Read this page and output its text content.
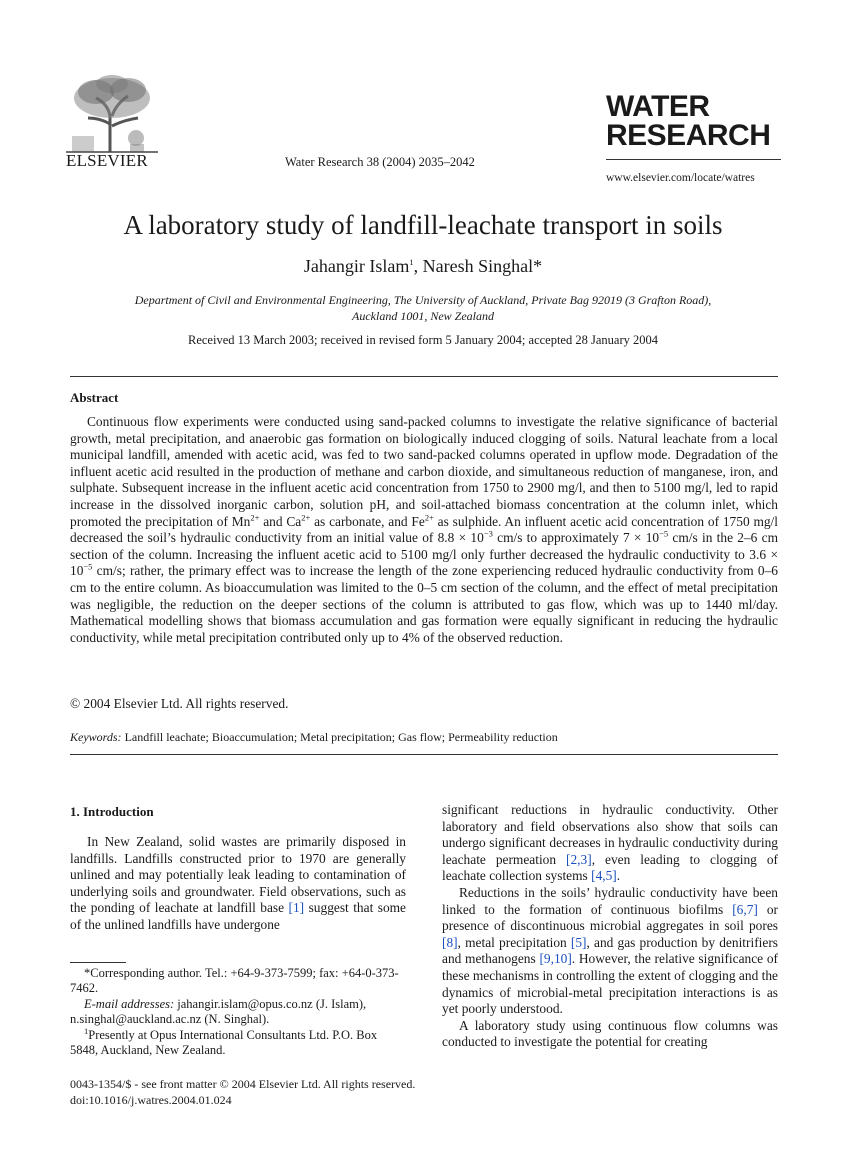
ELSEVIER	Water Research 38 (2004) 2035–2042
WATER
RESEARCH
www.elsevier.com/locate/watres
A laboratory study of landfill-leachate transport in soils
Jahangir Islam$^1$, Naresh Singhal*
Department of Civil and Environmental Engineering, The University of Auckland, Private Bag 92019 (3 Grafton Road),
Auckland 1001, New Zealand
Received 13 March 2003; received in revised form 5 January 2004; accepted 28 January 2004
Abstract
Continuous flow experiments were conducted using sand-packed columns to investigate the relative significance of bacterial growth, metal precipitation, and anaerobic gas formation on biologically induced clogging of soils. Natural leachate from a local municipal landfill, amended with acetic acid, was fed to two sand-packed columns operated in upflow mode. Degradation of the influent acetic acid resulted in the production of methane and carbon dioxide, and simultaneous reduction of manganese, iron, and sulphate. Subsequent increase in the influent acetic acid concentration from 1750 to 2900 mg/l, and then to 5100 mg/l, led to rapid increase in the dissolved inorganic carbon, solution pH, and soil-attached biomass concentration at the column inlet, which promoted the precipitation of $Mn^{2+}$ and $Ca^{2+}$ as carbonate, and $Fe^{2+}$ as sulphide. An influent acetic acid concentration of 1750 mg/l decreased the soil’s hydraulic conductivity from an initial value of $8.8 \times 10^{-3}$ cm/s to approximately $7 \times 10^{-5}$ cm/s in the 2–6 cm section of the column. Increasing the influent acetic acid to 5100 mg/l only further decreased the hydraulic conductivity to $3.6 \times 10^{-5}$ cm/s; rather, the primary effect was to increase the length of the zone experiencing reduced hydraulic conductivity from 0–6 cm to the entire column. As bioaccumulation was limited to the 0–5 cm section of the column, and the effect of metal precipitation was negligible, the reduction on the deeper sections of the column is attributed to gas flow, which was up to 1440 ml/day. Mathematical modelling shows that biomass accumulation and gas formation were equally significant in reducing the hydraulic conductivity, while metal precipitation contributed only up to 4% of the observed reduction.
© 2004 Elsevier Ltd. All rights reserved.
Keywords: Landfill leachate; Bioaccumulation; Metal precipitation; Gas flow; Permeability reduction
1. Introduction

In New Zealand, solid wastes are primarily disposed in landfills. Landfills constructed prior to 1970 are generally unlined and may potentially leak leading to contamination of underlying soils and groundwater. Field observations, such as the ponding of leachate at landfill base [1] suggest that some of the unlined landfills have undergone

*Corresponding author. Tel.: +64-9-373-7599; fax: +64-0-373-7462.

E-mail addresses: jahangir.islam@opus.co.nz (J. Islam), n.singhal@auckland.ac.nz (N. Singhal).

$^1$Presently at Opus International Consultants Ltd. P.O. Box 5848, Auckland, New Zealand.

significant reductions in hydraulic conductivity. Other laboratory and field observations also show that soils can undergo significant decreases in hydraulic conductivity during leachate permeation [2,3], even leading to clogging of leachate collection systems [4,5].

Reductions in the soils’ hydraulic conductivity have been linked to the formation of continuous biofilms [6,7] or presence of discontinuous microbial aggregates in soil pores [8], metal precipitation [5], and gas production by denitrifiers and methanogens [9,10]. However, the relative significance of these mechanisms in controlling the extent of clogging and the dynamics of microbial-metal precipitation interactions is as yet poorly understood.

A laboratory study using continuous flow columns was conducted to investigate the potential for creating

0043-1354/$ - see front matter © 2004 Elsevier Ltd. All rights reserved.
doi:10.1016/j.watres.2004.01.024
